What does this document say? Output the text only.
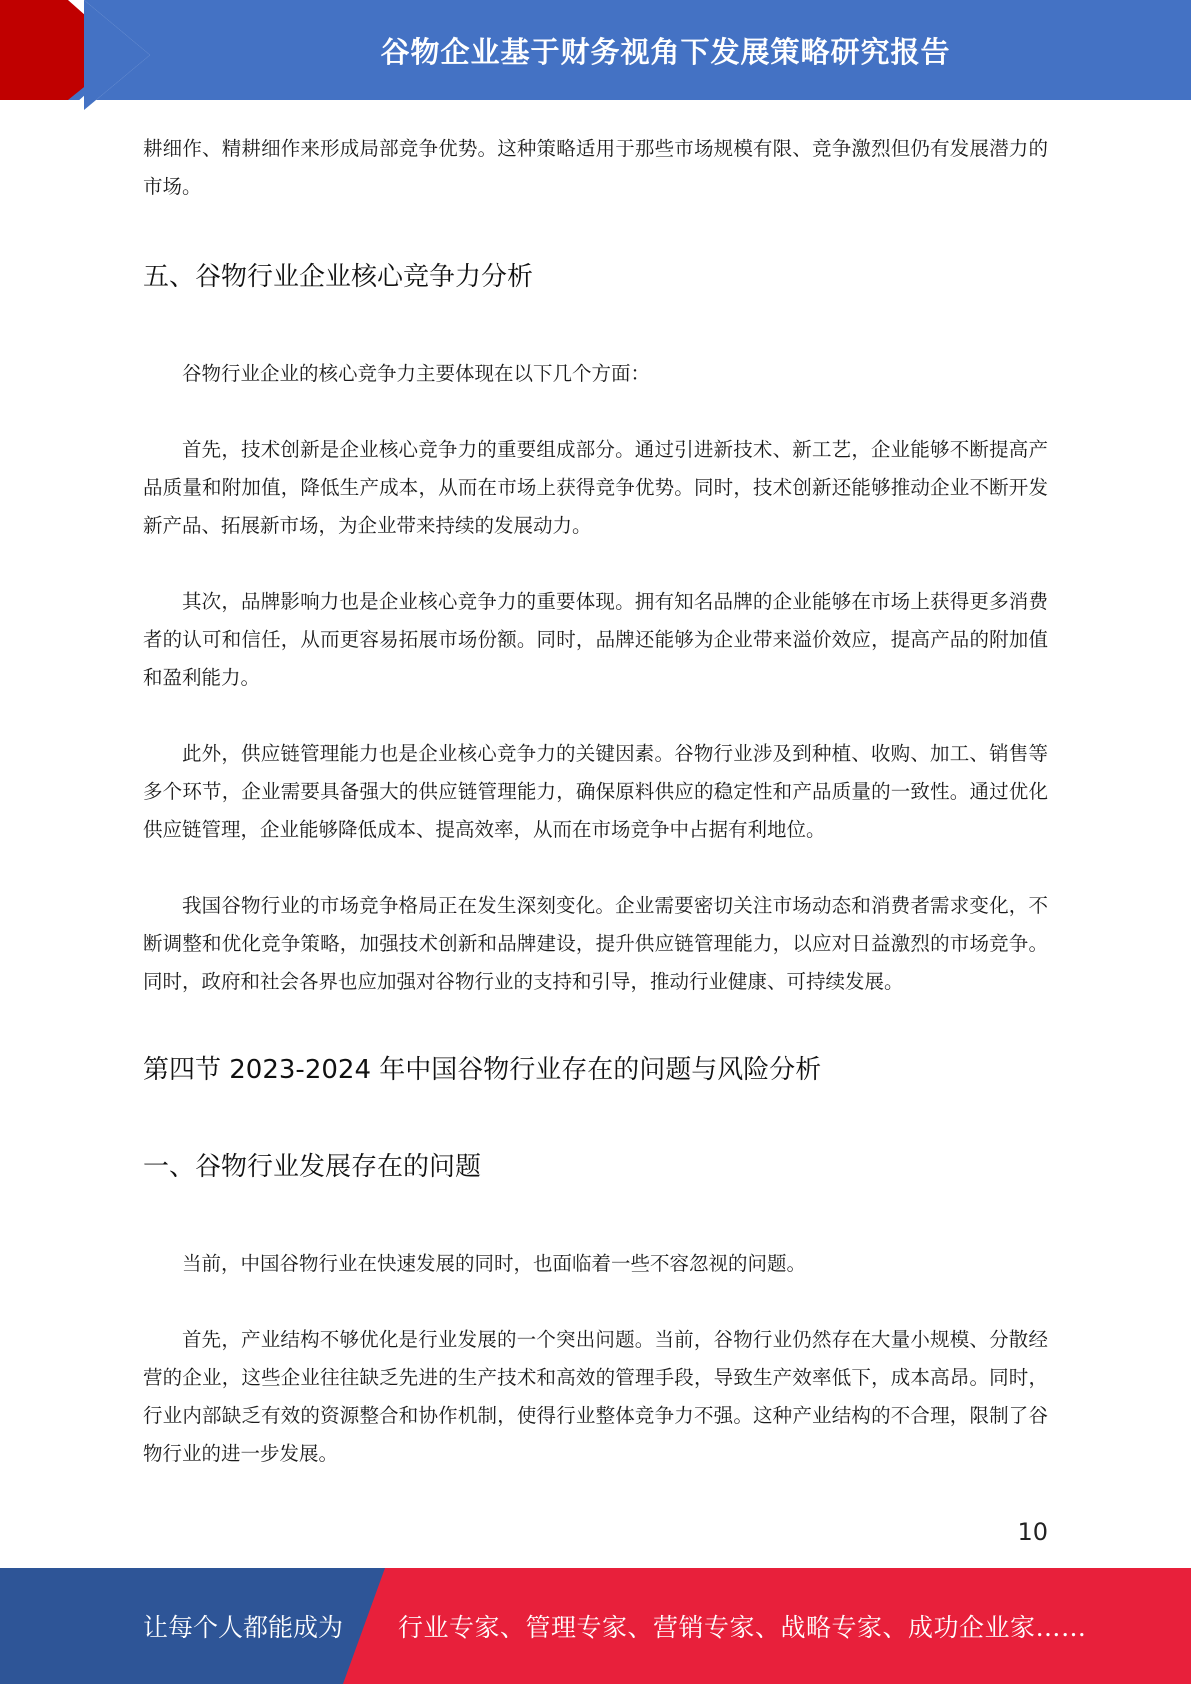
谷物企业基于财务视角下发展策略研究报告

耕细作、精耕细作来形成局部竞争优势。这种策略适用于那些市场规模有限、竞争激烈但仍有发展潜力的市场。

五、谷物行业企业核心竞争力分析

谷物行业企业的核心竞争力主要体现在以下几个方面：

首先，技术创新是企业核心竞争力的重要组成部分。通过引进新技术、新工艺，企业能够不断提高产品质量和附加值，降低生产成本，从而在市场上获得竞争优势。同时，技术创新还能够推动企业不断开发新产品、拓展新市场，为企业带来持续的发展动力。

其次，品牌影响力也是企业核心竞争力的重要体现。拥有知名品牌的企业能够在市场上获得更多消费者的认可和信任，从而更容易拓展市场份额。同时，品牌还能够为企业带来溢价效应，提高产品的附加值和盈利能力。

此外，供应链管理能力也是企业核心竞争力的关键因素。谷物行业涉及到种植、收购、加工、销售等多个环节，企业需要具备强大的供应链管理能力，确保原料供应的稳定性和产品质量的一致性。通过优化供应链管理，企业能够降低成本、提高效率，从而在市场竞争中占据有利地位。

我国谷物行业的市场竞争格局正在发生深刻变化。企业需要密切关注市场动态和消费者需求变化，不断调整和优化竞争策略，加强技术创新和品牌建设，提升供应链管理能力，以应对日益激烈的市场竞争。同时，政府和社会各界也应加强对谷物行业的支持和引导，推动行业健康、可持续发展。

第四节 2023-2024 年中国谷物行业存在的问题与风险分析
一、谷物行业发展存在的问题

当前，中国谷物行业在快速发展的同时，也面临着一些不容忽视的问题。

首先，产业结构不够优化是行业发展的一个突出问题。当前，谷物行业仍然存在大量小规模、分散经营的企业，这些企业往往缺乏先进的生产技术和高效的管理手段，导致生产效率低下，成本高昂。同时，行业内部缺乏有效的资源整合和协作机制，使得行业整体竞争力不强。这种产业结构的不合理，限制了谷物行业的进一步发展。

10
让每个人都能成为 行业专家、管理专家、营销专家、战略专家、成功企业家……
